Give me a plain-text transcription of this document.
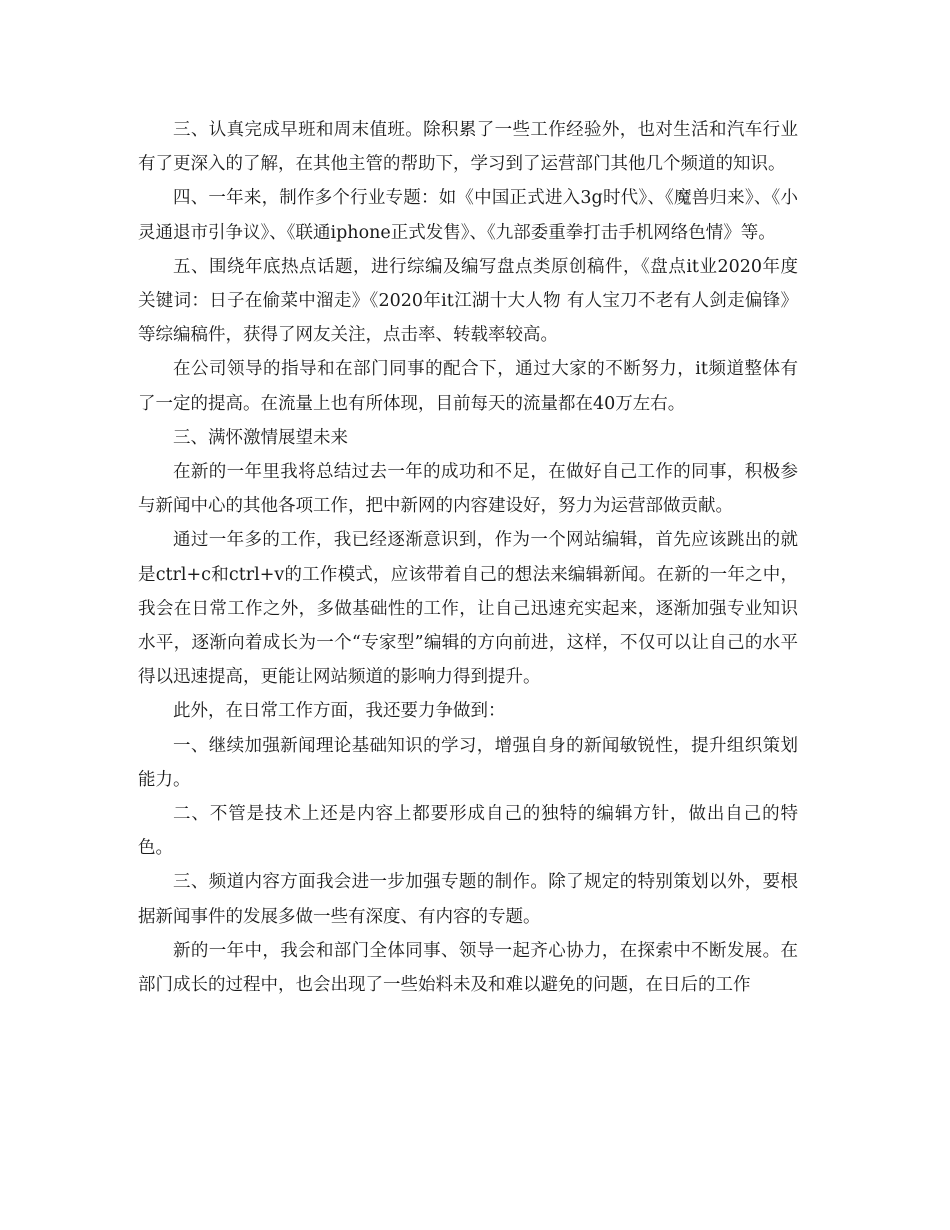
三、认真完成早班和周末值班。除积累了一些工作经验外，也对生活和汽车行业有了更深入的了解，在其他主管的帮助下，学习到了运营部门其他几个频道的知识。

四、一年来，制作多个行业专题：如《中国正式进入3g时代》、《魔兽归来》、《小灵通退市引争议》、《联通iphone正式发售》、《九部委重拳打击手机网络色情》等。

五、围绕年底热点话题，进行综编及编写盘点类原创稿件，《盘点it业2020年度关键词：日子在偷菜中溜走》《2020年it江湖十大人物 有人宝刀不老有人剑走偏锋》等综编稿件，获得了网友关注，点击率、转载率较高。

在公司领导的指导和在部门同事的配合下，通过大家的不断努力，it频道整体有了一定的提高。在流量上也有所体现，目前每天的流量都在40万左右。

三、满怀激情展望未来

在新的一年里我将总结过去一年的成功和不足，在做好自己工作的同事，积极参与新闻中心的其他各项工作，把中新网的内容建设好，努力为运营部做贡献。

通过一年多的工作，我已经逐渐意识到，作为一个网站编辑，首先应该跳出的就是ctrl+c和ctrl+v的工作模式，应该带着自己的想法来编辑新闻。在新的一年之中，我会在日常工作之外，多做基础性的工作，让自己迅速充实起来，逐渐加强专业知识水平，逐渐向着成长为一个“专家型”编辑的方向前进，这样，不仅可以让自己的水平得以迅速提高，更能让网站频道的影响力得到提升。

此外，在日常工作方面，我还要力争做到：

一、继续加强新闻理论基础知识的学习，增强自身的新闻敏锐性，提升组织策划能力。

二、不管是技术上还是内容上都要形成自己的独特的编辑方针，做出自己的特色。

三、频道内容方面我会进一步加强专题的制作。除了规定的特别策划以外，要根据新闻事件的发展多做一些有深度、有内容的专题。

新的一年中，我会和部门全体同事、领导一起齐心协力，在探索中不断发展。在部门成长的过程中，也会出现了一些始料未及和难以避免的问题，在日后的工作
